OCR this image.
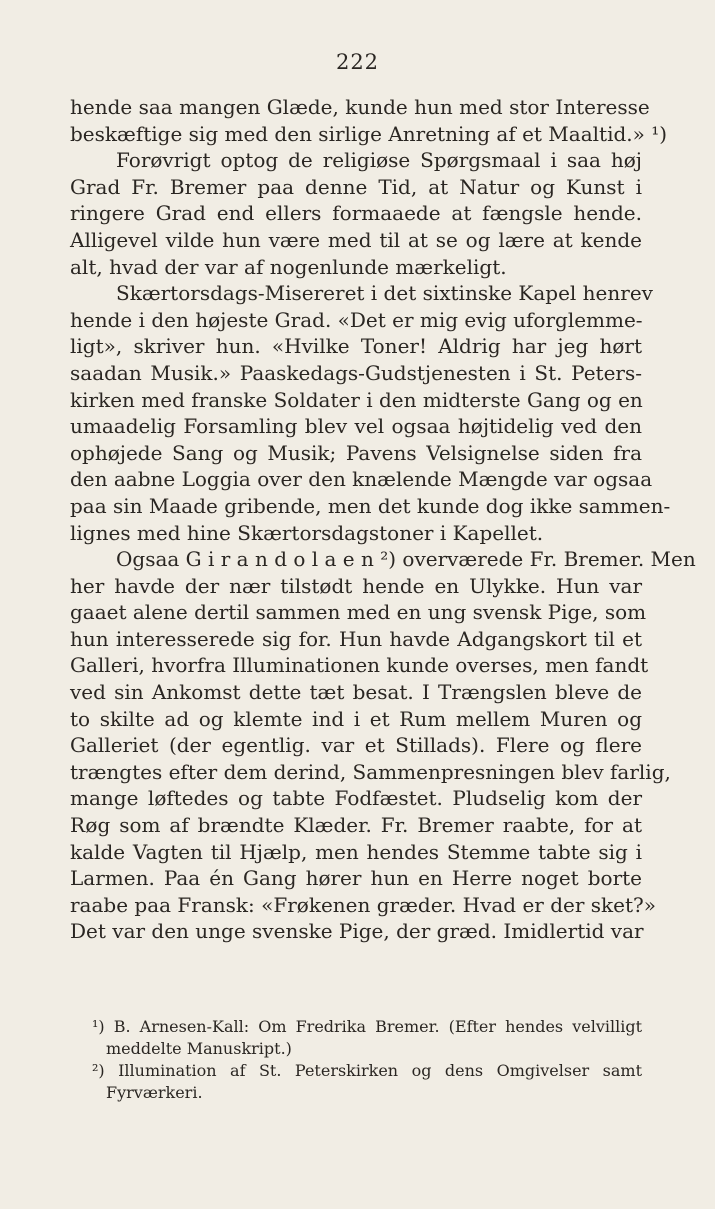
222
hende saa mangen Glæde, kunde hun med stor Interesse
beskæftige sig med den sirlige Anretning af et Maaltid.» ¹)
Forøvrigt optog de religiøse Spørgsmaal i saa høj
Grad Fr. Bremer paa denne Tid, at Natur og Kunst i
ringere Grad end ellers formaaede at fængsle hende.
Alligevel vilde hun være med til at se og lære at kende
alt, hvad der var af nogenlunde mærkeligt.
Skærtorsdags-Misereret i det sixtinske Kapel henrev
hende i den højeste Grad. «Det er mig evig uforglemme-
ligt», skriver hun. «Hvilke Toner! Aldrig har jeg hørt
saadan Musik.» Paaskedags-Gudstjenesten i St. Peters-
kirken med franske Soldater i den midterste Gang og en
umaadelig Forsamling blev vel ogsaa højtidelig ved den
ophøjede Sang og Musik; Pavens Velsignelse siden fra
den aabne Loggia over den knælende Mængde var ogsaa
paa sin Maade gribende, men det kunde dog ikke sammen-
lignes med hine Skærtorsdagstoner i Kapellet.
Ogsaa G i r a n d o l a e n ²) overværede Fr. Bremer. Men
her havde der nær tilstødt hende en Ulykke. Hun var
gaaet alene dertil sammen med en ung svensk Pige, som
hun interesserede sig for. Hun havde Adgangskort til et
Galleri, hvorfra Illuminationen kunde overses, men fandt
ved sin Ankomst dette tæt besat. I Trængslen bleve de
to skilte ad og klemte ind i et Rum mellem Muren og
Galleriet (der egentlig. var et Stillads). Flere og flere
trængtes efter dem derind, Sammenpresningen blev farlig,
mange løftedes og tabte Fodfæstet. Pludselig kom der
Røg som af brændte Klæder. Fr. Bremer raabte, for at
kalde Vagten til Hjælp, men hendes Stemme tabte sig i
Larmen. Paa én Gang hører hun en Herre noget borte
raabe paa Fransk: «Frøkenen græder. Hvad er der sket?»
Det var den unge svenske Pige, der græd. Imidlertid var
¹) B. Arnesen-Kall: Om Fredrika Bremer. (Efter hendes velvilligt
meddelte Manuskript.)
²) Illumination af St. Peterskirken og dens Omgivelser samt
Fyrværkeri.
